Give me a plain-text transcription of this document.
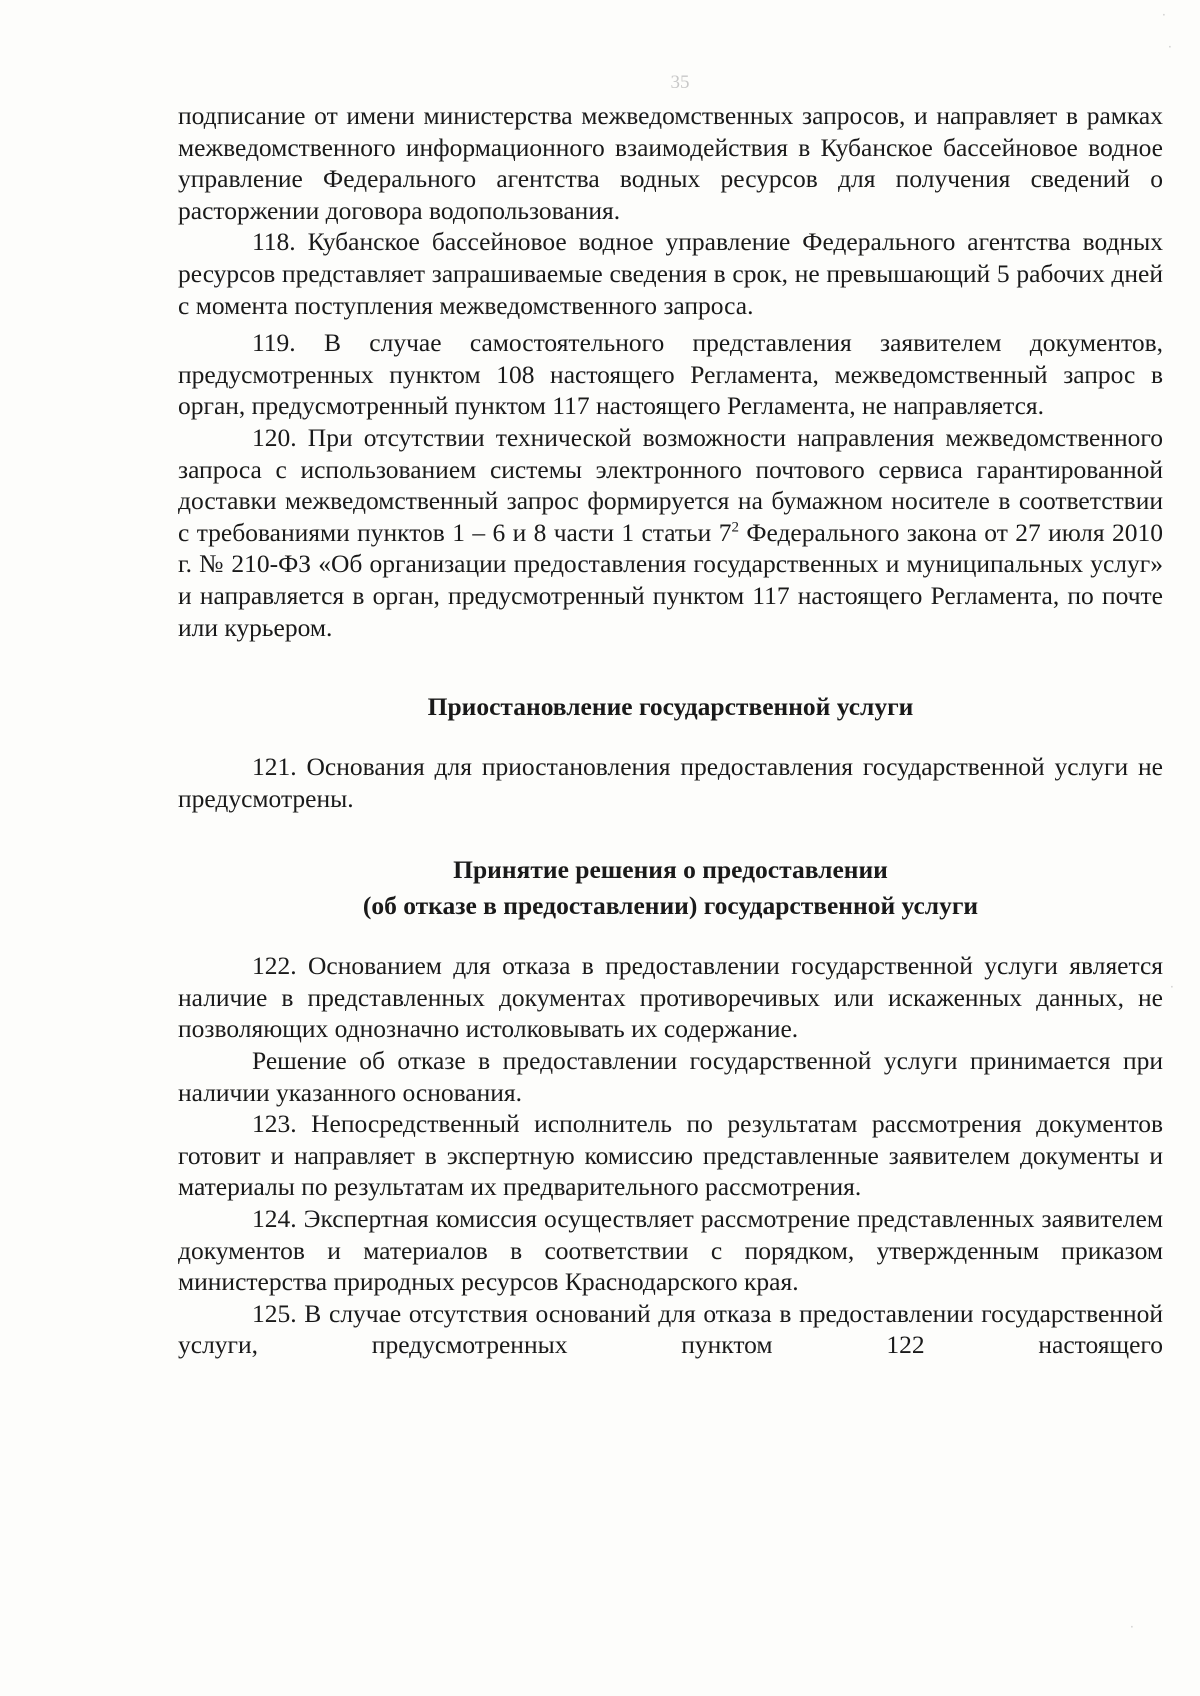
35
·
·
·
·

подписание от имени министерства межведомственных запросов, и направляет в рамках межведомственного информационного взаимодействия в Кубанское бассейновое водное управление Федерального агентства водных ресурсов для получения сведений о расторжении договора водопользования.

118. Кубанское бассейновое водное управление Федерального агентства водных ресурсов представляет запрашиваемые сведения в срок, не превышающий 5 рабочих дней с момента поступления межведомственного запроса.

119. В случае самостоятельного представления заявителем документов, предусмотренных пунктом 108 настоящего Регламента, межведомственный запрос в орган, предусмотренный пунктом 117 настоящего Регламента, не направляется.

120. При отсутствии технической возможности направления межведомственного запроса с использованием системы электронного почтового сервиса гарантированной доставки межведомственный запрос формируется на бумажном носителе в соответствии с требованиями пунктов 1 – 6 и 8 части 1 статьи $7^2$ Федерального закона от 27 июля 2010 г. № 210-ФЗ «Об организации предоставления государственных и муниципальных услуг» и направляется в орган, предусмотренный пунктом 117 настоящего Регламента, по почте или курьером.

Приостановление государственной услуги

121. Основания для приостановления предоставления государственной услуги не предусмотрены.

Принятие решения о предоставлении
(об отказе в предоставлении) государственной услуги

122. Основанием для отказа в предоставлении государственной услуги является наличие в представленных документах противоречивых или искаженных данных, не позволяющих однозначно истолковывать их содержание.

Решение об отказе в предоставлении государственной услуги принимается при наличии указанного основания.

123. Непосредственный исполнитель по результатам рассмотрения документов готовит и направляет в экспертную комиссию представленные заявителем документы и материалы по результатам их предварительного рассмотрения.

124. Экспертная комиссия осуществляет рассмотрение представленных заявителем документов и материалов в соответствии с порядком, утвержденным приказом министерства природных ресурсов Краснодарского края.

125. В случае отсутствия оснований для отказа в предоставлении государственной услуги, предусмотренных пунктом 122 настоящего
